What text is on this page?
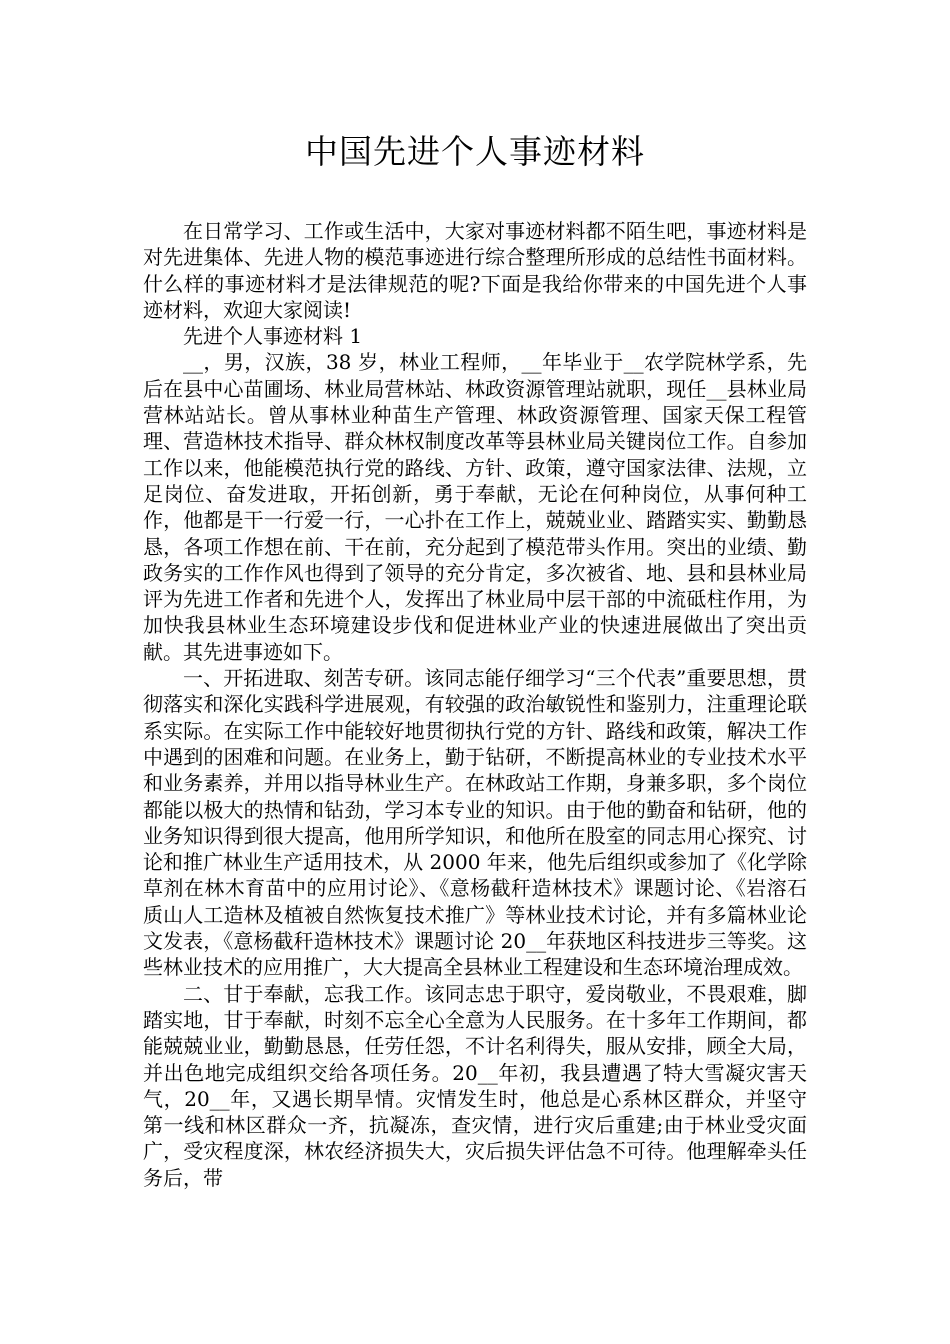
中国先进个人事迹材料

在日常学习、工作或生活中，大家对事迹材料都不陌生吧，事迹材料是对先进集体、先进人物的模范事迹进行综合整理所形成的总结性书面材料。什么样的事迹材料才是法律规范的呢?下面是我给你带来的中国先进个人事迹材料，欢迎大家阅读!

先进个人事迹材料 1

__，男，汉族，38 岁，林业工程师，__年毕业于__农学院林学系，先后在县中心苗圃场、林业局营林站、林政资源管理站就职，现任__县林业局营林站站长。曾从事林业种苗生产管理、林政资源管理、国家天保工程管理、营造林技术指导、群众林权制度改革等县林业局关键岗位工作。自参加工作以来，他能模范执行党的路线、方针、政策，遵守国家法律、法规，立足岗位、奋发进取，开拓创新，勇于奉献，无论在何种岗位，从事何种工作，他都是干一行爱一行，一心扑在工作上，兢兢业业、踏踏实实、勤勤恳恳，各项工作想在前、干在前，充分起到了模范带头作用。突出的业绩、勤政务实的工作作风也得到了领导的充分肯定，多次被省、地、县和县林业局评为先进工作者和先进个人，发挥出了林业局中层干部的中流砥柱作用，为加快我县林业生态环境建设步伐和促进林业产业的快速进展做出了突出贡献。其先进事迹如下。

一、开拓进取、刻苦专研。该同志能仔细学习“三个代表”重要思想，贯彻落实和深化实践科学进展观，有较强的政治敏锐性和鉴别力，注重理论联系实际。在实际工作中能较好地贯彻执行党的方针、路线和政策，解决工作中遇到的困难和问题。在业务上，勤于钻研，不断提高林业的专业技术水平和业务素养，并用以指导林业生产。在林政站工作期，身兼多职，多个岗位都能以极大的热情和钻劲，学习本专业的知识。由于他的勤奋和钻研，他的业务知识得到很大提高，他用所学知识，和他所在股室的同志用心探究、讨论和推广林业生产适用技术，从 2000 年来，他先后组织或参加了《化学除草剂在林木育苗中的应用讨论》、《意杨截秆造林技术》课题讨论、《岩溶石质山人工造林及植被自然恢复技术推广》等林业技术讨论，并有多篇林业论文发表，《意杨截秆造林技术》课题讨论 20__年获地区科技进步三等奖。这些林业技术的应用推广，大大提高全县林业工程建设和生态环境治理成效。

二、甘于奉献，忘我工作。该同志忠于职守，爱岗敬业，不畏艰难，脚踏实地，甘于奉献，时刻不忘全心全意为人民服务。在十多年工作期间，都能兢兢业业，勤勤恳恳，任劳任怨，不计名利得失，服从安排，顾全大局，并出色地完成组织交给各项任务。20__年初，我县遭遇了特大雪凝灾害天气，20__年，又遇长期旱情。灾情发生时，他总是心系林区群众，并坚守第一线和林区群众一齐，抗凝冻，查灾情，进行灾后重建;由于林业受灾面广，受灾程度深，林农经济损失大，灾后损失评估急不可待。他理解牵头任务后，带
